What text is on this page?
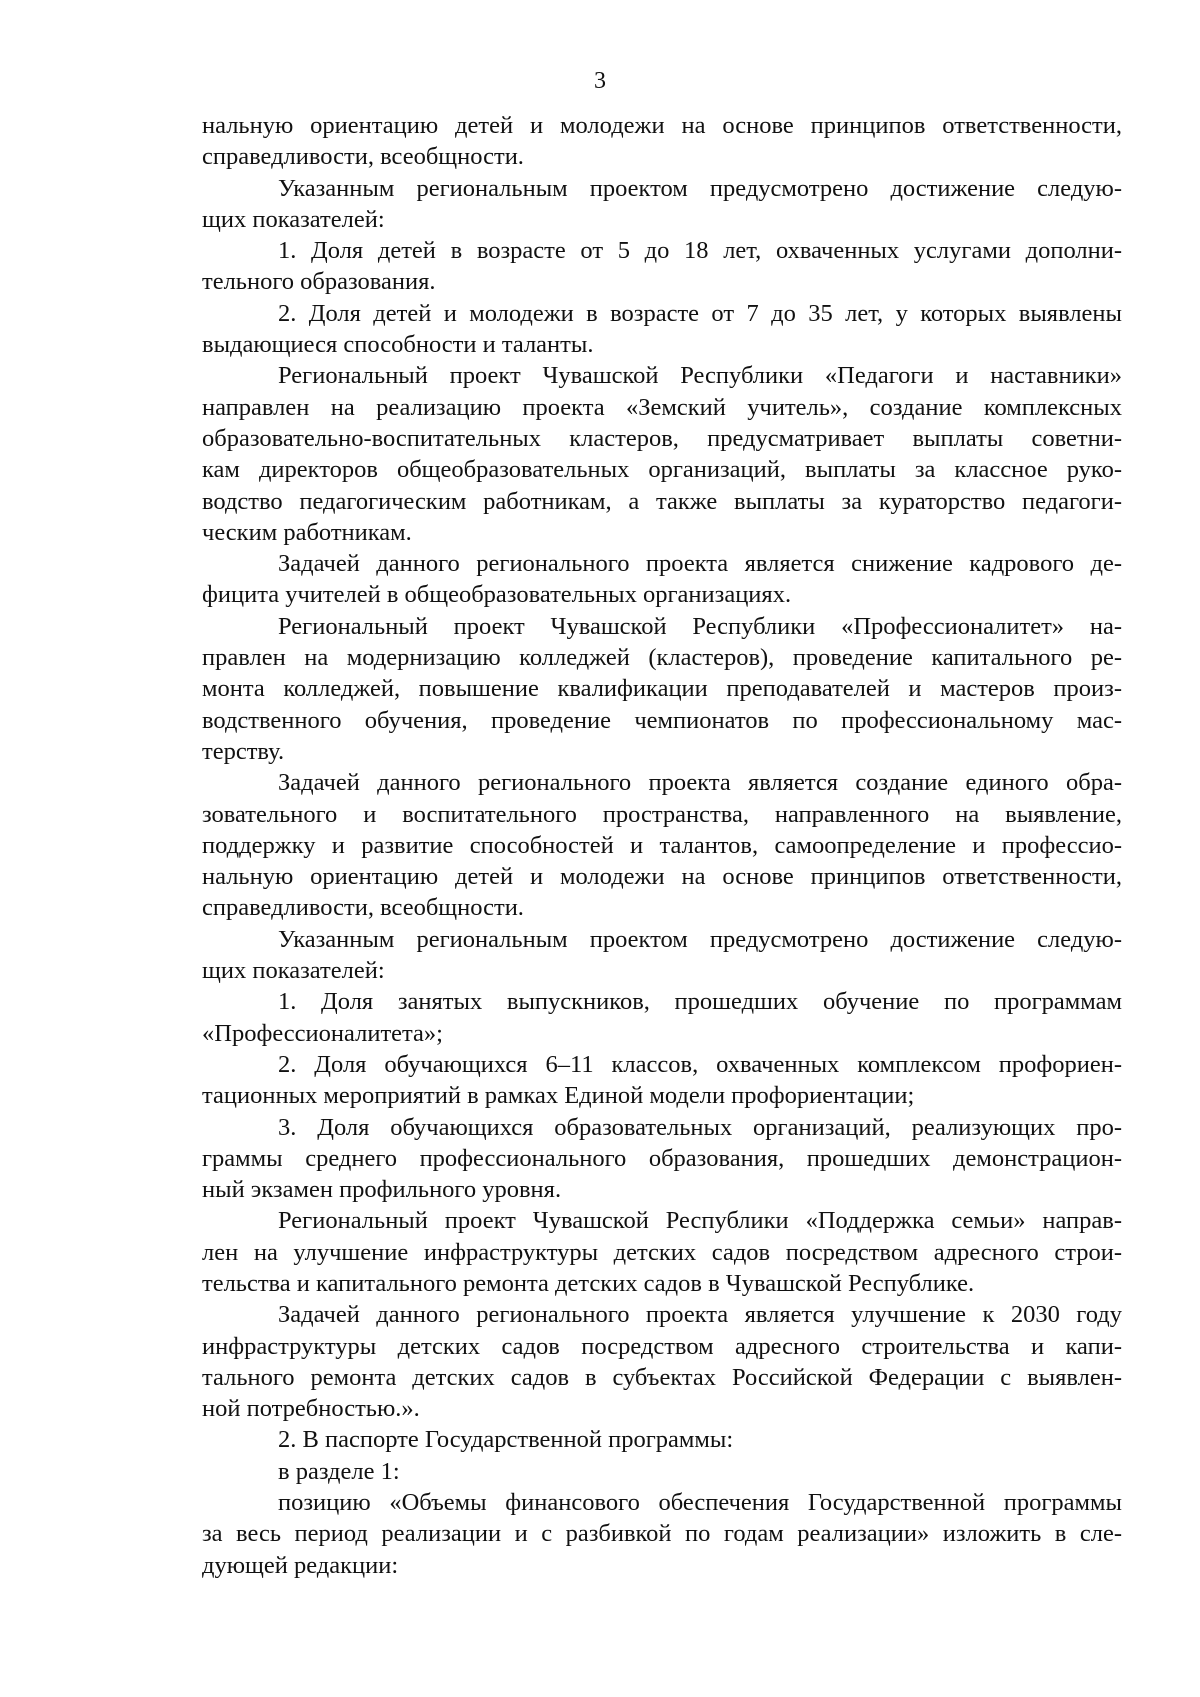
3
нальную ориентацию детей и молодежи на основе принципов ответственности,
справедливости, всеобщности.
Указанным региональным проектом предусмотрено достижение следую-
щих показателей:
1. Доля детей в возрасте от 5 до 18 лет, охваченных услугами дополни-
тельного образования.
2. Доля детей и молодежи в возрасте от 7 до 35 лет, у которых выявлены
выдающиеся способности и таланты.
Региональный проект Чувашской Республики «Педагоги и наставники»
направлен на реализацию проекта «Земский учитель», создание комплексных
образовательно-воспитательных кластеров, предусматривает выплаты советни-
кам директоров общеобразовательных организаций, выплаты за классное руко-
водство педагогическим работникам, а также выплаты за кураторство педагоги-
ческим работникам.
Задачей данного регионального проекта является снижение кадрового де-
фицита учителей в общеобразовательных организациях.
Региональный проект Чувашской Республики «Профессионалитет» на-
правлен на модернизацию колледжей (кластеров), проведение капитального ре-
монта колледжей, повышение квалификации преподавателей и мастеров произ-
водственного обучения, проведение чемпионатов по профессиональному мас-
терству.
Задачей данного регионального проекта является создание единого обра-
зовательного и воспитательного пространства, направленного на выявление,
поддержку и развитие способностей и талантов, самоопределение и профессио-
нальную ориентацию детей и молодежи на основе принципов ответственности,
справедливости, всеобщности.
Указанным региональным проектом предусмотрено достижение следую-
щих показателей:
1. Доля занятых выпускников, прошедших обучение по программам
«Профессионалитета»;
2. Доля обучающихся 6–11 классов, охваченных комплексом профориен-
тационных мероприятий в рамках Единой модели профориентации;
3. Доля обучающихся образовательных организаций, реализующих про-
граммы среднего профессионального образования, прошедших демонстрацион-
ный экзамен профильного уровня.
Региональный проект Чувашской Республики «Поддержка семьи» направ-
лен на улучшение инфраструктуры детских садов посредством адресного строи-
тельства и капитального ремонта детских садов в Чувашской Республике.
Задачей данного регионального проекта является улучшение к 2030 году
инфраструктуры детских садов посредством адресного строительства и капи-
тального ремонта детских садов в субъектах Российской Федерации с выявлен-
ной потребностью.».
2. В паспорте Государственной программы:
в разделе 1:
позицию «Объемы финансового обеспечения Государственной программы
за весь период реализации и с разбивкой по годам реализации» изложить в сле-
дующей редакции:
